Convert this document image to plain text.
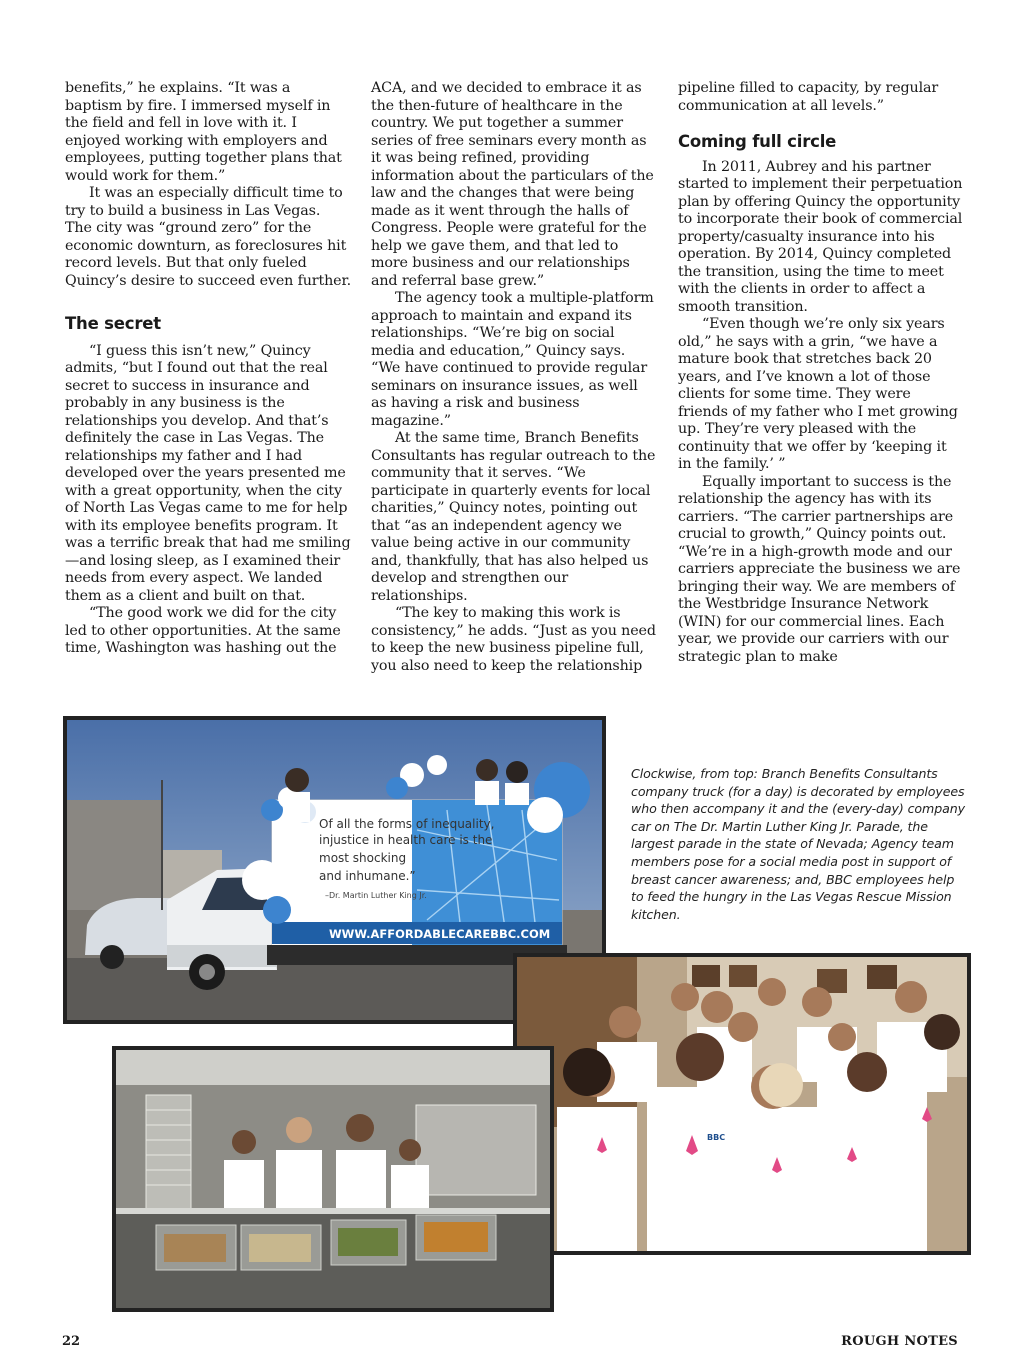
benefits,” he explains. “It was a baptism by fire. I immersed myself in the field and fell in love with it. I enjoyed working with employers and employees, putting together plans that would work for them.”

It was an especially difficult time to try to build a business in Las Vegas. The city was “ground zero” for the economic downturn, as foreclosures hit record levels. But that only fueled Quincy’s desire to succeed even further.

The secret

“I guess this isn’t new,” Quincy admits, “but I found out that the real secret to success in insurance and probably in any business is the relationships you develop. And that’s definitely the case in Las Vegas. The relationships my father and I had developed over the years presented me with a great opportunity, when the city of North Las Vegas came to me for help with its employee benefits program. It was a terrific break that had me smiling—and losing sleep, as I examined their needs from every aspect. We landed them as a client and built on that.

“The good work we did for the city led to other opportunities. At the same time, Washington was hashing out the

ACA, and we decided to embrace it as the then-future of healthcare in the country. We put together a summer series of free seminars every month as it was being refined, providing information about the particulars of the law and the changes that were being made as it went through the halls of Congress. People were grateful for the help we gave them, and that led to more business and our relationships and referral base grew.”

The agency took a multiple-platform approach to maintain and expand its relationships. “We’re big on social media and education,” Quincy says. “We have continued to provide regular seminars on insurance issues, as well as having a risk and business magazine.”

At the same time, Branch Benefits Consultants has regular outreach to the community that it serves. “We participate in quarterly events for local charities,” Quincy notes, pointing out that “as an independent agency we value being active in our community and, thankfully, that has also helped us develop and strengthen our relationships.

“The key to making this work is consistency,” he adds. “Just as you need to keep the new business pipeline full, you also need to keep the relationship

pipeline filled to capacity, by regular communication at all levels.”

Coming full circle

In 2011, Aubrey and his partner started to implement their perpetuation plan by offering Quincy the opportunity to incorporate their book of commercial property/casualty insurance into his operation. By 2014, Quincy completed the transition, using the time to meet with the clients in order to affect a smooth transition.

“Even though we’re only six years old,” he says with a grin, “we have a mature book that stretches back 20 years, and I’ve known a lot of those clients for some time. They were friends of my father who I met growing up. They’re very pleased with the continuity that we offer by ‘keeping it in the family.’ ”

Equally important to success is the relationship the agency has with its carriers. “The carrier partnerships are crucial to growth,” Quincy points out. “We’re in a high-growth mode and our carriers appreciate the business we are bringing their way. We are members of the Westbridge Insurance Network (WIN) for our commercial lines. Each year, we provide our carriers with our strategic plan to make

Of all the forms of inequality,
injustice in health care is the
most shocking
and inhumane.”
–Dr. Martin Luther King Jr.
WWW.AFFORDABLECAREBBC.COM
Clockwise, from top: Branch Benefits Consultants company truck (for a day) is decorated by employees who then accompany it and the (every-day) company car on The Dr. Martin Luther King Jr. Parade, the largest parade in the state of Nevada; Agency team members pose for a social media post in support of breast cancer awareness; and, BBC employees help to feed the hungry in the Las Vegas Rescue Mission kitchen.
BBC
22	ROUGH NOTES
